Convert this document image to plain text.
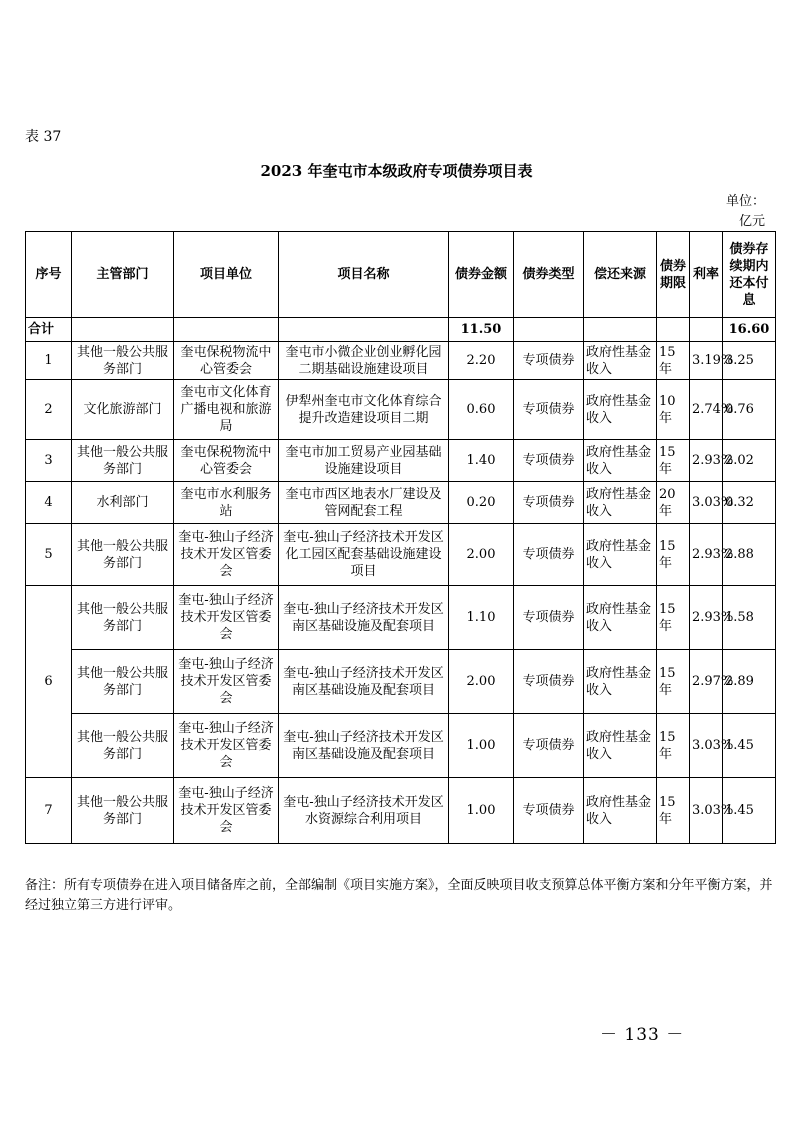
表 37
2023 年奎屯市本级政府专项债券项目表
单位：
亿元
序号	主管部门	项目单位	项目名称	债券金额	债券类型	偿还来源	债券期限	利率	债券存续期内还本付息
合计				11.50					16.60
1	其他一般公共服务部门	奎屯保税物流中心管委会	奎屯市小微企业创业孵化园二期基础设施建设项目	2.20	专项债券	政府性基金收入	15 年	3.19%	3.25
2	文化旅游部门	奎屯市文化体育广播电视和旅游局	伊犁州奎屯市文化体育综合提升改造建设项目二期	0.60	专项债券	政府性基金收入	10 年	2.74%	0.76
3	其他一般公共服务部门	奎屯保税物流中心管委会	奎屯市加工贸易产业园基础设施建设项目	1.40	专项债券	政府性基金收入	15 年	2.93%	2.02
4	水利部门	奎屯市水利服务站	奎屯市西区地表水厂建设及管网配套工程	0.20	专项债券	政府性基金收入	20 年	3.03%	0.32
5	其他一般公共服务部门	奎屯-独山子经济技术开发区管委会	奎屯-独山子经济技术开发区化工园区配套基础设施建设项目	2.00	专项债券	政府性基金收入	15 年	2.93%	2.88
6	其他一般公共服务部门	奎屯-独山子经济技术开发区管委会	奎屯-独山子经济技术开发区南区基础设施及配套项目	1.10	专项债券	政府性基金收入	15 年	2.93%	1.58
	其他一般公共服务部门	奎屯-独山子经济技术开发区管委会	奎屯-独山子经济技术开发区南区基础设施及配套项目	2.00	专项债券	政府性基金收入	15 年	2.97%	2.89
	其他一般公共服务部门	奎屯-独山子经济技术开发区管委会	奎屯-独山子经济技术开发区南区基础设施及配套项目	1.00	专项债券	政府性基金收入	15 年	3.03%	1.45
7	其他一般公共服务部门	奎屯-独山子经济技术开发区管委会	奎屯-独山子经济技术开发区水资源综合利用项目	1.00	专项债券	政府性基金收入	15 年	3.03%	1.45
备注：所有专项债券在进入项目储备库之前，全部编制《项目实施方案》，全面反映项目收支预算总体平衡方案和分年平衡方案，并经过独立第三方进行评审。
－ 133 －
